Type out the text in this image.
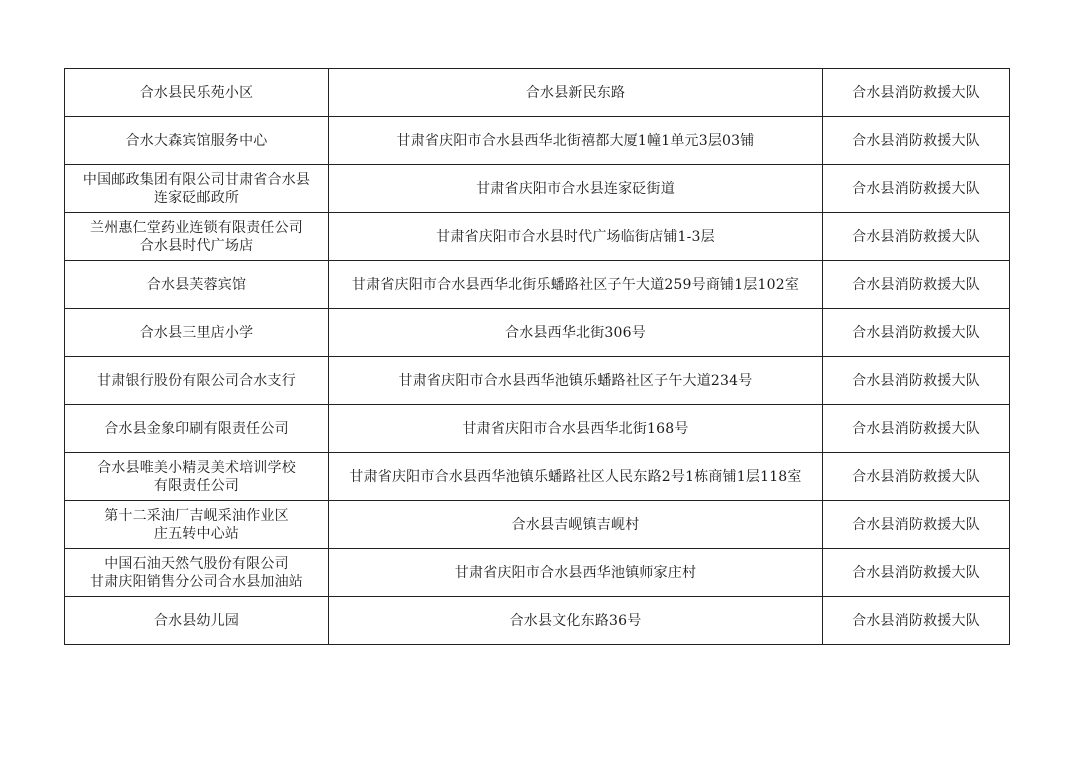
合水县民乐苑小区	合水县新民东路	合水县消防救援大队

合水大森宾馆服务中心	甘肃省庆阳市合水县西华北街禧都大厦1幢1单元3层03铺	合水县消防救援大队

中国邮政集团有限公司甘肃省合水县
连家砭邮政所	甘肃省庆阳市合水县连家砭街道	合水县消防救援大队

兰州惠仁堂药业连锁有限责任公司
合水县时代广场店	甘肃省庆阳市合水县时代广场临街店铺1-3层	合水县消防救援大队

合水县芙蓉宾馆	甘肃省庆阳市合水县西华北街乐蟠路社区子午大道259号商铺1层102室	合水县消防救援大队

合水县三里店小学	合水县西华北街306号	合水县消防救援大队

甘肃银行股份有限公司合水支行	甘肃省庆阳市合水县西华池镇乐蟠路社区子午大道234号	合水县消防救援大队

合水县金象印刷有限责任公司	甘肃省庆阳市合水县西华北街168号	合水县消防救援大队

合水县唯美小精灵美术培训学校
有限责任公司	甘肃省庆阳市合水县西华池镇乐蟠路社区人民东路2号1栋商铺1层118室	合水县消防救援大队

第十二采油厂吉岘采油作业区
庄五转中心站	合水县吉岘镇吉岘村	合水县消防救援大队

中国石油天然气股份有限公司
甘肃庆阳销售分公司合水县加油站	甘肃省庆阳市合水县西华池镇师家庄村	合水县消防救援大队

合水县幼儿园	合水县文化东路36号	合水县消防救援大队
